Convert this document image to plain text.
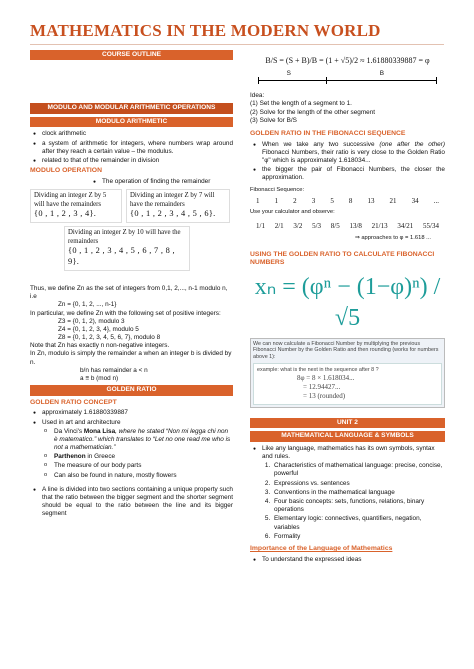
MATHEMATICS IN THE MODERN WORLD
COURSE OUTLINE
MODULO AND MODULAR ARITHMETIC OPERATIONS
MODULO ARITHMETIC
● clock arithmetic
● a system of arithmetic for integers, where numbers wrap around after they reach a certain value – the modulus.
● related to that of the remainder in division
MODULO OPERATION
● The operation of finding the remainder
Dividing an integer Z by 5 will have the remainders
{0 , 1 , 2 , 3 , 4}.
Dividing an integer Z by 7 will have the remainders
{0 , 1 , 2 , 3 , 4 , 5 , 6}.
Dividing an integer Z by 10 will have the remainders
{0 , 1 , 2 , 3 , 4 , 5 , 6 , 7 , 8 , 9}.
Thus, we define Zn as the set of integers from 0,1, 2,..., n-1 modulo n, i.e
Zn = {0, 1, 2, ..., n-1}
In particular, we define Zn with the following set of positive integers:
Z3 = {0, 1, 2), modulo 3
Z4 = {0, 1, 2, 3, 4}, modulo 5
Z8 = {0, 1, 2, 3, 4, 5, 6, 7}, modulo 8
Note that Zn has exactly n non-negative integers.
In Zn, modulo is simply the remainder a when an integer b is divided by n.
b/n has remainder a < n
a ≡ b (mod n)
GOLDEN RATIO
GOLDEN RATIO CONCEPT
● approximately 1.61880339887
● Used in art and architecture
o Da Vinci's Mona Lisa, where he stated “Non mi legga chi non è matematico.” which translates to “Let no one read me who is not a mathematician.”
o Parthenon in Greece
o The measure of our body parts
o Can also be found in nature, mostly flowers
● A line is divided into two sections containing a unique property such that the ratio between the bigger segment and the shorter segment should be equal to the ratio between the line and its bigger segment
B/S = (S + B)/B = (1 + √5)/2 ≈ 1.61880339887 = φ
S	B
Idea:
(1) Set the length of a segment to 1.
(2) Solve for the length of the other segment
(3) Solve for B/S
GOLDEN RATIO IN THE FIBONACCI SEQUENCE
● When we take any two successive (one after the other) Fibonacci Numbers, their ratio is very close to the Golden Ratio "φ" which is approximately 1.618034...
● the bigger the pair of Fibonacci Numbers, the closer the approximation.
Fibonacci Sequence:
1 1 2 3 5 8 13 21 34 ...
Use your calculator and observe:
1/1 2/1 3/2 5/3 8/5 13/8 21/13 34/21 55/34
⇒ approaches to φ = 1.618 ...
USING THE GOLDEN RATIO TO CALCULATE FIBONACCI NUMBERS
xₙ = (φⁿ − (1−φ)ⁿ) / √5
We can now calculate a Fibonacci Number by multiplying the previous Fibonacci Number by the Golden Ratio and then rounding (works for numbers above 1):
example: what is the next in the sequence after 8 ?
8φ = 8 × 1.618034...
= 12.94427...
= 13 (rounded)
UNIT 2
MATHEMATICAL LANGUAGE & SYMBOLS
● Like any language, mathematics has its own symbols, syntax and rules.
1. Characteristics of mathematical language: precise, concise, powerful
2. Expressions vs. sentences
3. Conventions in the mathematical language
4. Four basic concepts: sets, functions, relations, binary operations
5. Elementary logic: connectives, quantifiers, negation, variables
6. Formality
Importance of the Language of Mathematics
● To understand the expressed ideas
